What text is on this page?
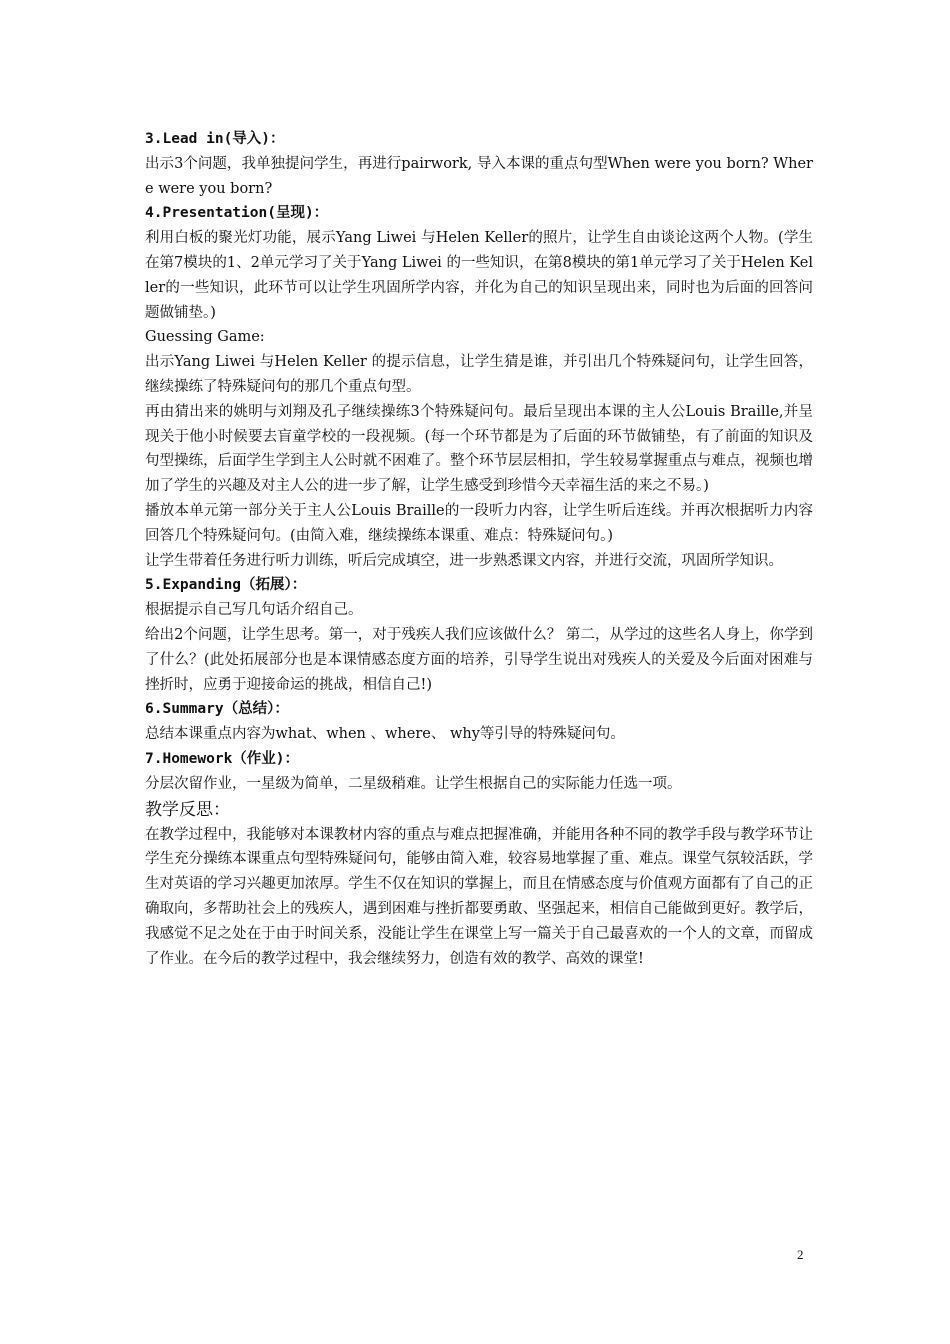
3.Lead in(导入)：

出示3个问题，我单独提问学生，再进行pairwork, 导入本课的重点句型When were you born? Where were you born?

4.Presentation(呈现)：

利用白板的聚光灯功能，展示Yang Liwei 与Helen Keller的照片，让学生自由谈论这两个人物。(学生在第7模块的1、2单元学习了关于Yang Liwei 的一些知识，在第8模块的第1单元学习了关于Helen Keller的一些知识，此环节可以让学生巩固所学内容，并化为自己的知识呈现出来，同时也为后面的回答问题做铺垫。)

Guessing Game:

出示Yang Liwei 与Helen Keller 的提示信息，让学生猜是谁，并引出几个特殊疑问句，让学生回答，继续操练了特殊疑问句的那几个重点句型。

再由猜出来的姚明与刘翔及孔子继续操练3个特殊疑问句。最后呈现出本课的主人公Louis Braille,并呈现关于他小时候要去盲童学校的一段视频。(每一个环节都是为了后面的环节做铺垫，有了前面的知识及句型操练，后面学生学到主人公时就不困难了。整个环节层层相扣，学生较易掌握重点与难点，视频也增加了学生的兴趣及对主人公的进一步了解，让学生感受到珍惜今天幸福生活的来之不易。)

播放本单元第一部分关于主人公Louis Braille的一段听力内容，让学生听后连线。并再次根据听力内容回答几个特殊疑问句。(由简入难，继续操练本课重、难点：特殊疑问句。)

让学生带着任务进行听力训练，听后完成填空，进一步熟悉课文内容，并进行交流，巩固所学知识。

5.Expanding（拓展）：

根据提示自己写几句话介绍自己。

给出2个问题，让学生思考。第一，对于残疾人我们应该做什么？ 第二，从学过的这些名人身上，你学到了什么？(此处拓展部分也是本课情感态度方面的培养，引导学生说出对残疾人的关爱及今后面对困难与挫折时，应勇于迎接命运的挑战，相信自己!)

6.Summary（总结）：

总结本课重点内容为what、when 、where、 why等引导的特殊疑问句。

7.Homework（作业)：

分层次留作业，一星级为简单，二星级稍难。让学生根据自己的实际能力任选一项。

教学反思：

在教学过程中，我能够对本课教材内容的重点与难点把握准确，并能用各种不同的教学手段与教学环节让学生充分操练本课重点句型特殊疑问句，能够由简入难，较容易地掌握了重、难点。课堂气氛较活跃，学生对英语的学习兴趣更加浓厚。学生不仅在知识的掌握上，而且在情感态度与价值观方面都有了自己的正确取向，多帮助社会上的残疾人，遇到困难与挫折都要勇敢、坚强起来，相信自己能做到更好。教学后，我感觉不足之处在于由于时间关系，没能让学生在课堂上写一篇关于自己最喜欢的一个人的文章，而留成了作业。在今后的教学过程中，我会继续努力，创造有效的教学、高效的课堂!

2
